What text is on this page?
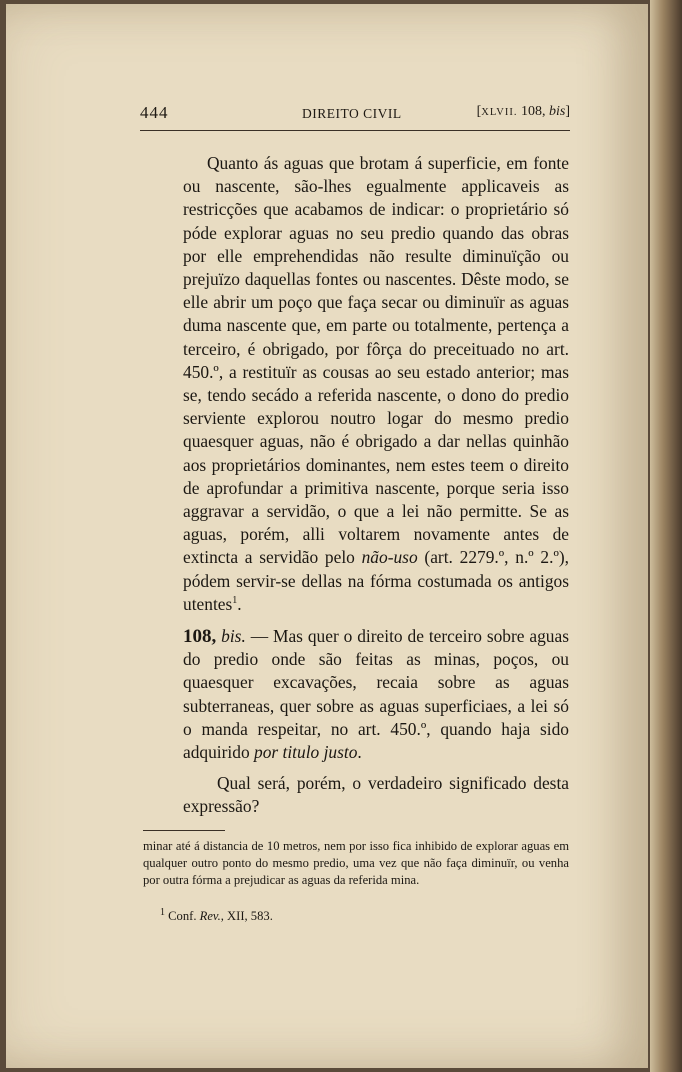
444	DIREITO CIVIL	[XLVII. 108, bis]
Quanto ás aguas que brotam á superficie, em fonte ou nascente, são-lhes egualmente applicaveis as restricções que acabamos de indicar: o proprietário só póde explorar aguas no seu predio quando das obras por elle emprehendidas não resulte diminuïção ou prejuïzo daquellas fontes ou nascentes. Dêste modo, se elle abrir um poço que faça secar ou diminuïr as aguas duma nascente que, em parte ou totalmente, pertença a terceiro, é obrigado, por fôrça do preceituado no art. 450.º, a restituïr as cousas ao seu estado anterior; mas se, tendo secádo a referida nascente, o dono do predio serviente explorou noutro logar do mesmo predio quaesquer aguas, não é obrigado a dar nellas quinhão aos proprietários dominantes, nem estes teem o direito de aprofundar a primitiva nascente, porque seria isso aggravar a servidão, o que a lei não permitte. Se as aguas, porém, alli voltarem novamente antes de extincta a servidão pelo não-uso (art. 2279.º, n.º 2.º), pódem servir-se dellas na fórma costumada os antigos utentes$^1$.
108, bis. — Mas quer o direito de terceiro sobre aguas do predio onde são feitas as minas, poços, ou quaesquer excavações, recaia sobre as aguas subterraneas, quer sobre as aguas superficiaes, a lei só o manda respeitar, no art. 450.º, quando haja sido adquirido por titulo justo.
Qual será, porém, o verdadeiro significado desta expressão?
minar até á distancia de 10 metros, nem por isso fica inhibido de explorar aguas em qualquer outro ponto do mesmo predio, uma vez que não faça diminuïr, ou venha por outra fórma a prejudicar as aguas da referida mina.
$^1$ Conf. Rev., XII, 583.
